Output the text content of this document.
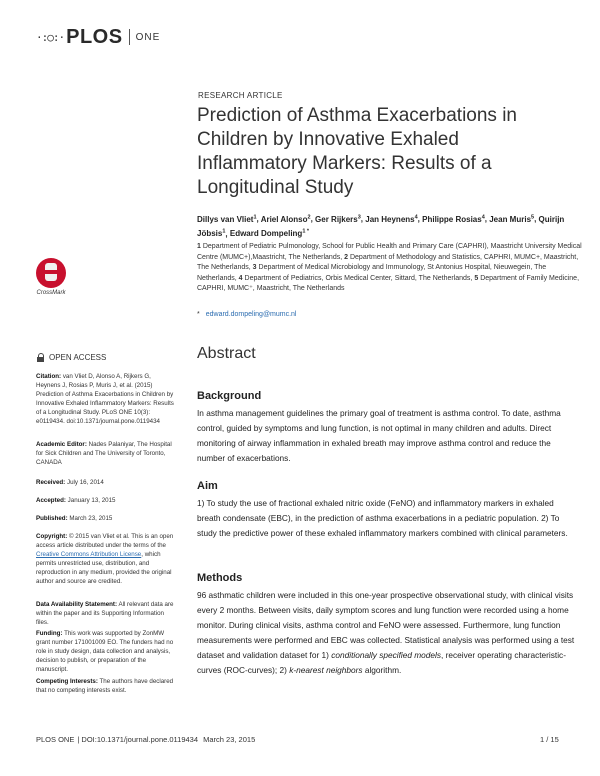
·:○:· PLOS ONE
RESEARCH ARTICLE
Prediction of Asthma Exacerbations in Children by Innovative Exhaled Inflammatory Markers: Results of a Longitudinal Study
Dillys van Vliet$^1$, Ariel Alonso$^2$, Ger Rijkers$^3$, Jan Heynens$^4$, Philippe Rosias$^4$, Jean Muris$^5$, Quirijn Jöbsis$^1$, Edward Dompeling$^{1 *}$
1 Department of Pediatric Pulmonology, School for Public Health and Primary Care (CAPHRI), Maastricht University Medical Centre (MUMC+),Maastricht, The Netherlands, 2 Department of Methodology and Statistics, CAPHRI, MUMC+, Maastricht, The Netherlands, 3 Department of Medical Microbiology and Immunology, St Antonius Hospital, Nieuwegein, The Netherlands, 4 Department of Pediatrics, Orbis Medical Center, Sittard, The Netherlands, 5 Department of Family Medicine, CAPHRI, MUMC⁺, Maastricht, The Netherlands
* edward.dompeling@mumc.nl
CrossMark
OPEN ACCESS
Citation: van Vliet D, Alonso A, Rijkers G, Heynens J, Rosias P, Muris J, et al. (2015) Prediction of Asthma Exacerbations in Children by Innovative Exhaled Inflammatory Markers: Results of a Longitudinal Study. PLoS ONE 10(3): e0119434. doi:10.1371/journal.pone.0119434
Academic Editor: Nades Palaniyar, The Hospital for Sick Children and The University of Toronto, CANADA
Received: July 16, 2014
Accepted: January 13, 2015
Published: March 23, 2015
Copyright: © 2015 van Vliet et al. This is an open access article distributed under the terms of the Creative Commons Attribution License, which permits unrestricted use, distribution, and reproduction in any medium, provided the original author and source are credited.
Data Availability Statement: All relevant data are within the paper and its Supporting Information files.
Funding: This work was supported by ZonMW grant number 171001009 EO. The funders had no role in study design, data collection and analysis, decision to publish, or preparation of the manuscript.
Competing Interests: The authors have declared that no competing interests exist.
Abstract
Background

In asthma management guidelines the primary goal of treatment is asthma control. To date, asthma control, guided by symptoms and lung function, is not optimal in many children and adults. Direct monitoring of airway inflammation in exhaled breath may improve asthma control and reduce the number of exacerbations.

Aim

1) To study the use of fractional exhaled nitric oxide (FeNO) and inflammatory markers in exhaled breath condensate (EBC), in the prediction of asthma exacerbations in a pediatric population. 2) To study the predictive power of these exhaled inflammatory markers combined with clinical parameters.

Methods

96 asthmatic children were included in this one-year prospective observational study, with clinical visits every 2 months. Between visits, daily symptom scores and lung function were recorded using a home monitor. During clinical visits, asthma control and FeNO were assessed. Furthermore, lung function measurements were performed and EBC was collected. Statistical analysis was performed using a test dataset and validation dataset for 1) conditionally specified models, receiver operating characteristic-curves (ROC-curves); 2) k-nearest neighbors algorithm.

PLOS ONE | DOI:10.1371/journal.pone.0119434 March 23, 2015	1 / 15
